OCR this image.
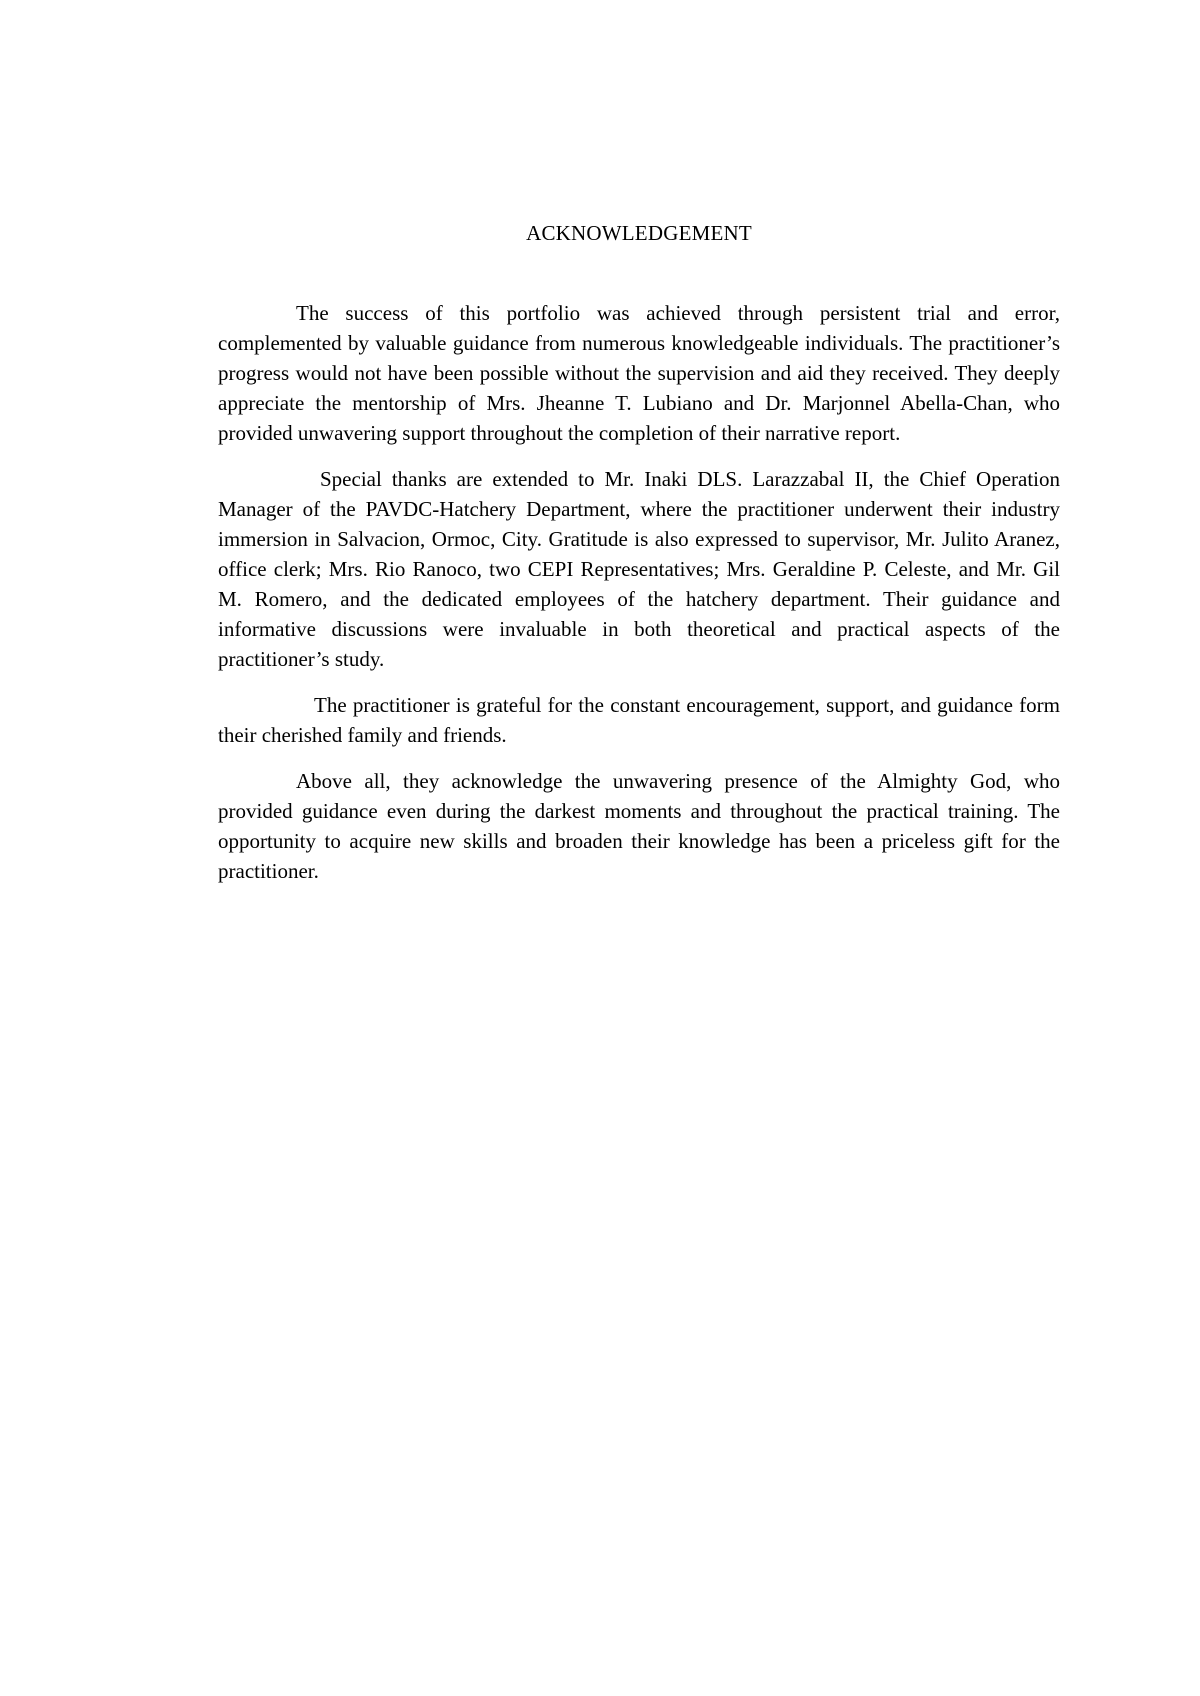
ACKNOWLEDGEMENT

The success of this portfolio was achieved through persistent trial and error, complemented by valuable guidance from numerous knowledgeable individuals. The practitioner’s progress would not have been possible without the supervision and aid they received. They deeply appreciate the mentorship of Mrs. Jheanne T. Lubiano and Dr. Marjonnel Abella-Chan, who provided unwavering support throughout the completion of their narrative report.

Special thanks are extended to Mr. Inaki DLS. Larazzabal II, the Chief Operation Manager of the PAVDC-Hatchery Department, where the practitioner underwent their industry immersion in Salvacion, Ormoc, City. Gratitude is also expressed to supervisor, Mr. Julito Aranez, office clerk; Mrs. Rio Ranoco, two CEPI Representatives; Mrs. Geraldine P. Celeste, and Mr. Gil M. Romero, and the dedicated employees of the hatchery department. Their guidance and informative discussions were invaluable in both theoretical and practical aspects of the practitioner’s study.

The practitioner is grateful for the constant encouragement, support, and guidance form their cherished family and friends.

Above all, they acknowledge the unwavering presence of the Almighty God, who provided guidance even during the darkest moments and throughout the practical training. The opportunity to acquire new skills and broaden their knowledge has been a priceless gift for the practitioner.
